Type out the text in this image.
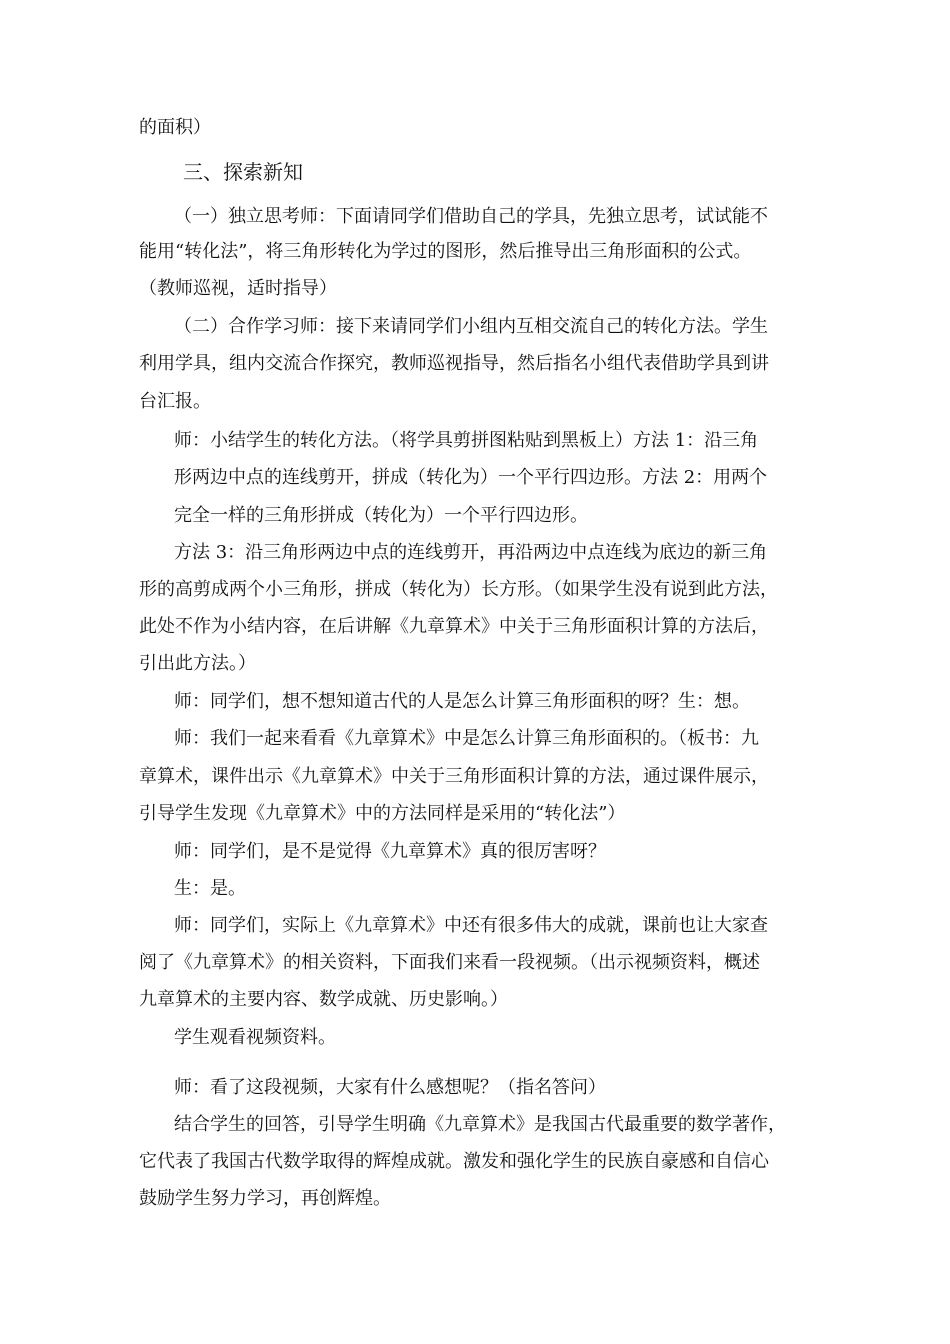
的面积）

三、探索新知

（一）独立思考师：下面请同学们借助自己的学具，先独立思考，试试能不

能用“转化法”，将三角形转化为学过的图形，然后推导出三角形面积的公式。

（教师巡视，适时指导）

（二）合作学习师：接下来请同学们小组内互相交流自己的转化方法。学生

利用学具，组内交流合作探究，教师巡视指导，然后指名小组代表借助学具到讲

台汇报。

师：小结学生的转化方法。（将学具剪拼图粘贴到黑板上）方法 1：沿三角

形两边中点的连线剪开，拼成（转化为）一个平行四边形。方法 2：用两个

完全一样的三角形拼成（转化为）一个平行四边形。

方法 3：沿三角形两边中点的连线剪开，再沿两边中点连线为底边的新三角

形的高剪成两个小三角形，拼成（转化为）长方形。（如果学生没有说到此方法，

此处不作为小结内容，在后讲解《九章算术》中关于三角形面积计算的方法后，

引出此方法。）

师：同学们，想不想知道古代的人是怎么计算三角形面积的呀？生：想。

师：我们一起来看看《九章算术》中是怎么计算三角形面积的。（板书：九

章算术，课件出示《九章算术》中关于三角形面积计算的方法，通过课件展示，

引导学生发现《九章算术》中的方法同样是采用的“转化法”）

师：同学们，是不是觉得《九章算术》真的很厉害呀？

生：是。

师：同学们，实际上《九章算术》中还有很多伟大的成就，课前也让大家查

阅了《九章算术》的相关资料，下面我们来看一段视频。（出示视频资料，概述

九章算术的主要内容、数学成就、历史影响。）

学生观看视频资料。

师：看了这段视频，大家有什么感想呢？（指名答问）

结合学生的回答，引导学生明确《九章算术》是我国古代最重要的数学著作，

它代表了我国古代数学取得的辉煌成就。激发和强化学生的民族自豪感和自信心

鼓励学生努力学习，再创辉煌。
